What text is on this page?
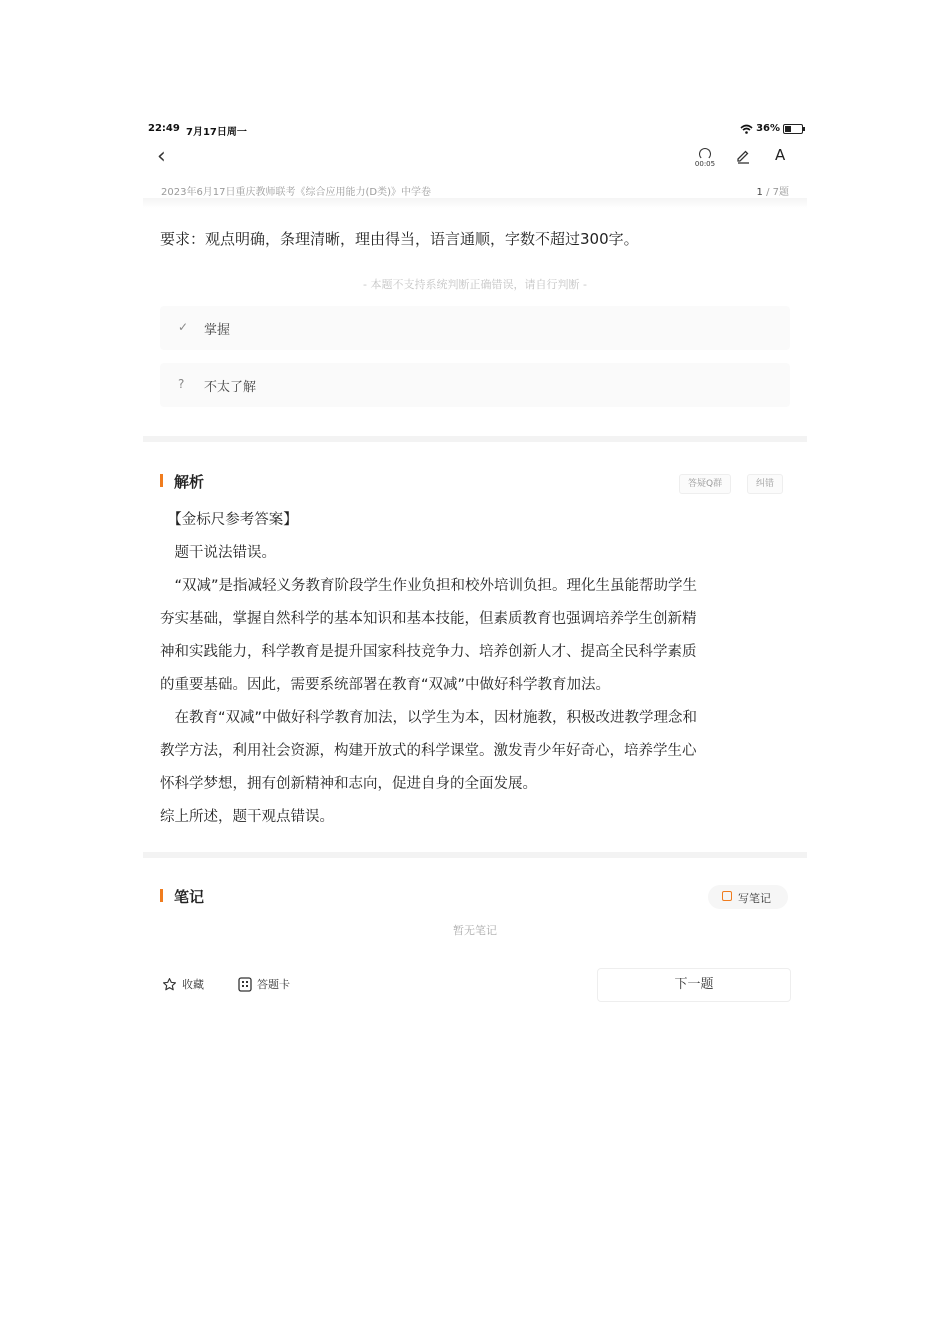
22:49 7月17日周一	36%
‹	00:05	A
2023年6月17日重庆教师联考《综合应用能力(D类)》中学卷	1 / 7题
要求：观点明确，条理清晰，理由得当，语言通顺，字数不超过300字。
- 本题不支持系统判断正确错误，请自行判断 -
✓ 掌握
? 不太了解
解析	答疑Q群	纠错

　【金标尺参考答案】

　题干说法错误。

　“双减”是指减轻义务教育阶段学生作业负担和校外培训负担。理化生虽能帮助学生

夯实基础，掌握自然科学的基本知识和基本技能，但素质教育也强调培养学生创新精

神和实践能力，科学教育是提升国家科技竞争力、培养创新人才、提高全民科学素质

的重要基础。因此，需要系统部署在教育“双减”中做好科学教育加法。

　在教育“双减”中做好科学教育加法，以学生为本，因材施教，积极改进教学理念和

教学方法，利用社会资源，构建开放式的科学课堂。激发青少年好奇心，培养学生心

怀科学梦想，拥有创新精神和志向，促进自身的全面发展。

综上所述，题干观点错误。

笔记	写笔记
暂无笔记
收藏	答题卡	下一题
